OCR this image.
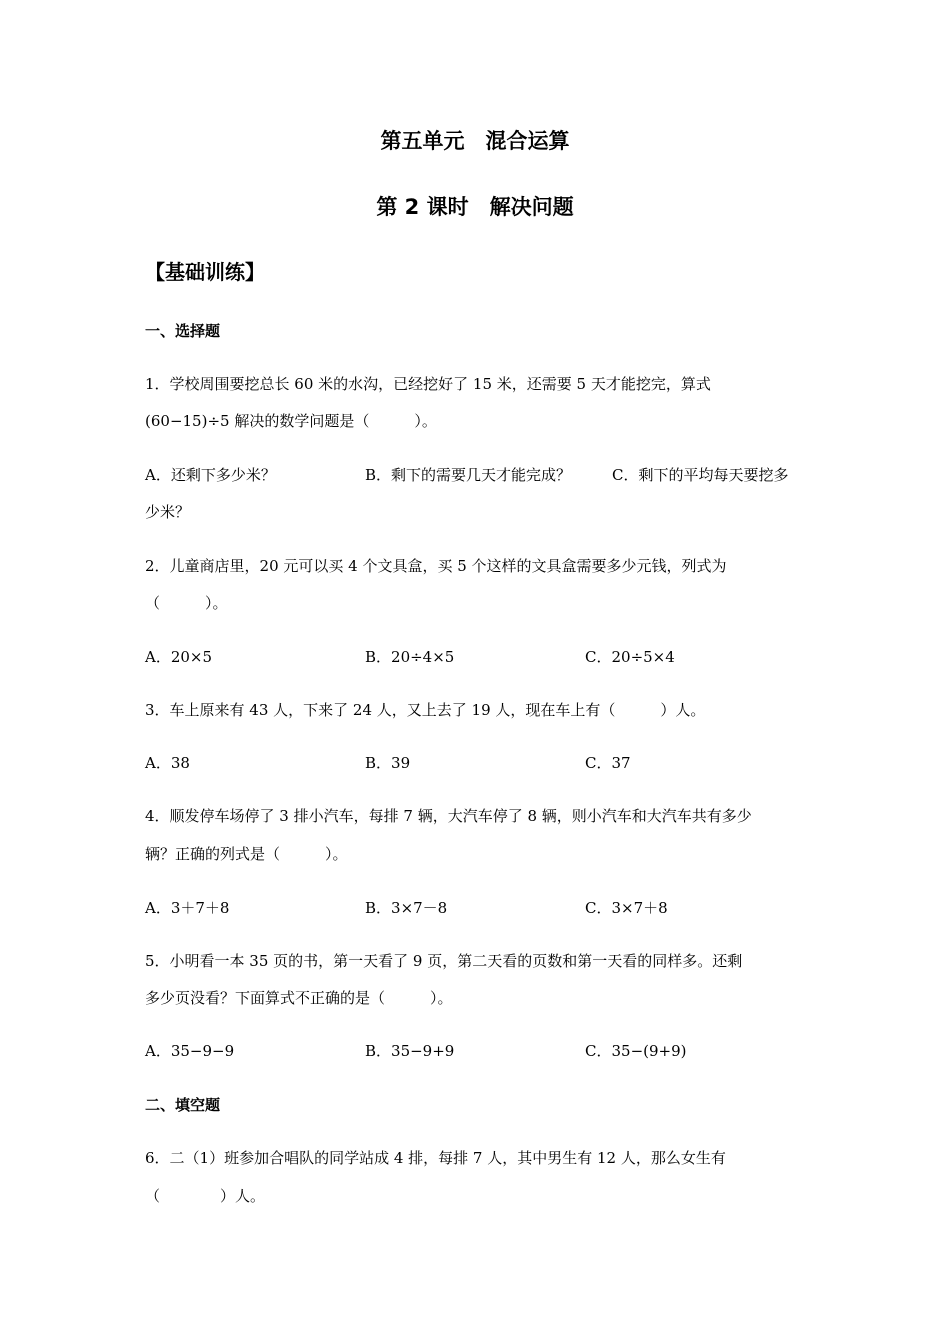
第五单元　混合运算
第 2 课时　解决问题
【基础训练】
一、选择题
1．学校周围要挖总长 60 米的水沟，已经挖好了 15 米，还需要 5 天才能挖完，算式
(60−15)÷5 解决的数学问题是（　　　）。
A．还剩下多少米？	B．剩下的需要几天才能完成？	C．剩下的平均每天要挖多
少米？
2．儿童商店里，20 元可以买 4 个文具盒，买 5 个这样的文具盒需要多少元钱，列式为
（　　　）。
A．20×5	B．20÷4×5	C．20÷5×4
3．车上原来有 43 人，下来了 24 人，又上去了 19 人，现在车上有（　　　）人。
A．38	B．39	C．37
4．顺发停车场停了 3 排小汽车，每排 7 辆，大汽车停了 8 辆，则小汽车和大汽车共有多少
辆？正确的列式是（　　　）。
A．3＋7＋8	B．3×7－8	C．3×7＋8
5．小明看一本 35 页的书，第一天看了 9 页，第二天看的页数和第一天看的同样多。还剩
多少页没看？下面算式不正确的是（　　　）。
A．35−9−9	B．35−9+9	C．35−(9+9)
二、填空题
6．二（1）班参加合唱队的同学站成 4 排，每排 7 人，其中男生有 12 人，那么女生有
（　　　　）人。
